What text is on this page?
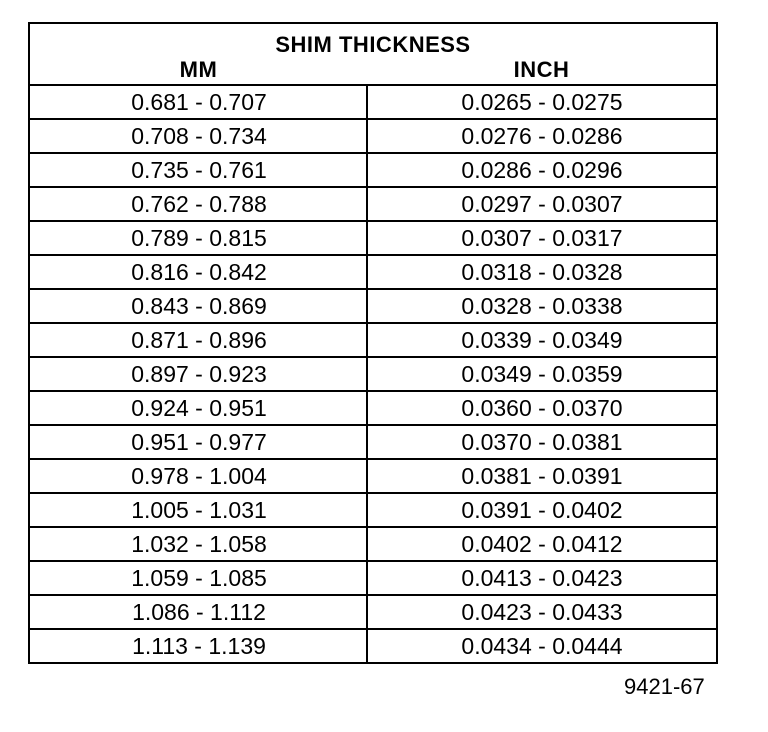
SHIM THICKNESS
MM	INCH
0.681 - 0.707	0.0265 - 0.0275
0.708 - 0.734	0.0276 - 0.0286
0.735 - 0.761	0.0286 - 0.0296
0.762 - 0.788	0.0297 - 0.0307
0.789 - 0.815	0.0307 - 0.0317
0.816 - 0.842	0.0318 - 0.0328
0.843 - 0.869	0.0328 - 0.0338
0.871 - 0.896	0.0339 - 0.0349
0.897 - 0.923	0.0349 - 0.0359
0.924 - 0.951	0.0360 - 0.0370
0.951 - 0.977	0.0370 - 0.0381
0.978 - 1.004	0.0381 - 0.0391
1.005 - 1.031	0.0391 - 0.0402
1.032 - 1.058	0.0402 - 0.0412
1.059 - 1.085	0.0413 - 0.0423
1.086 - 1.112	0.0423 - 0.0433
1.113 - 1.139	0.0434 - 0.0444
9421-67
